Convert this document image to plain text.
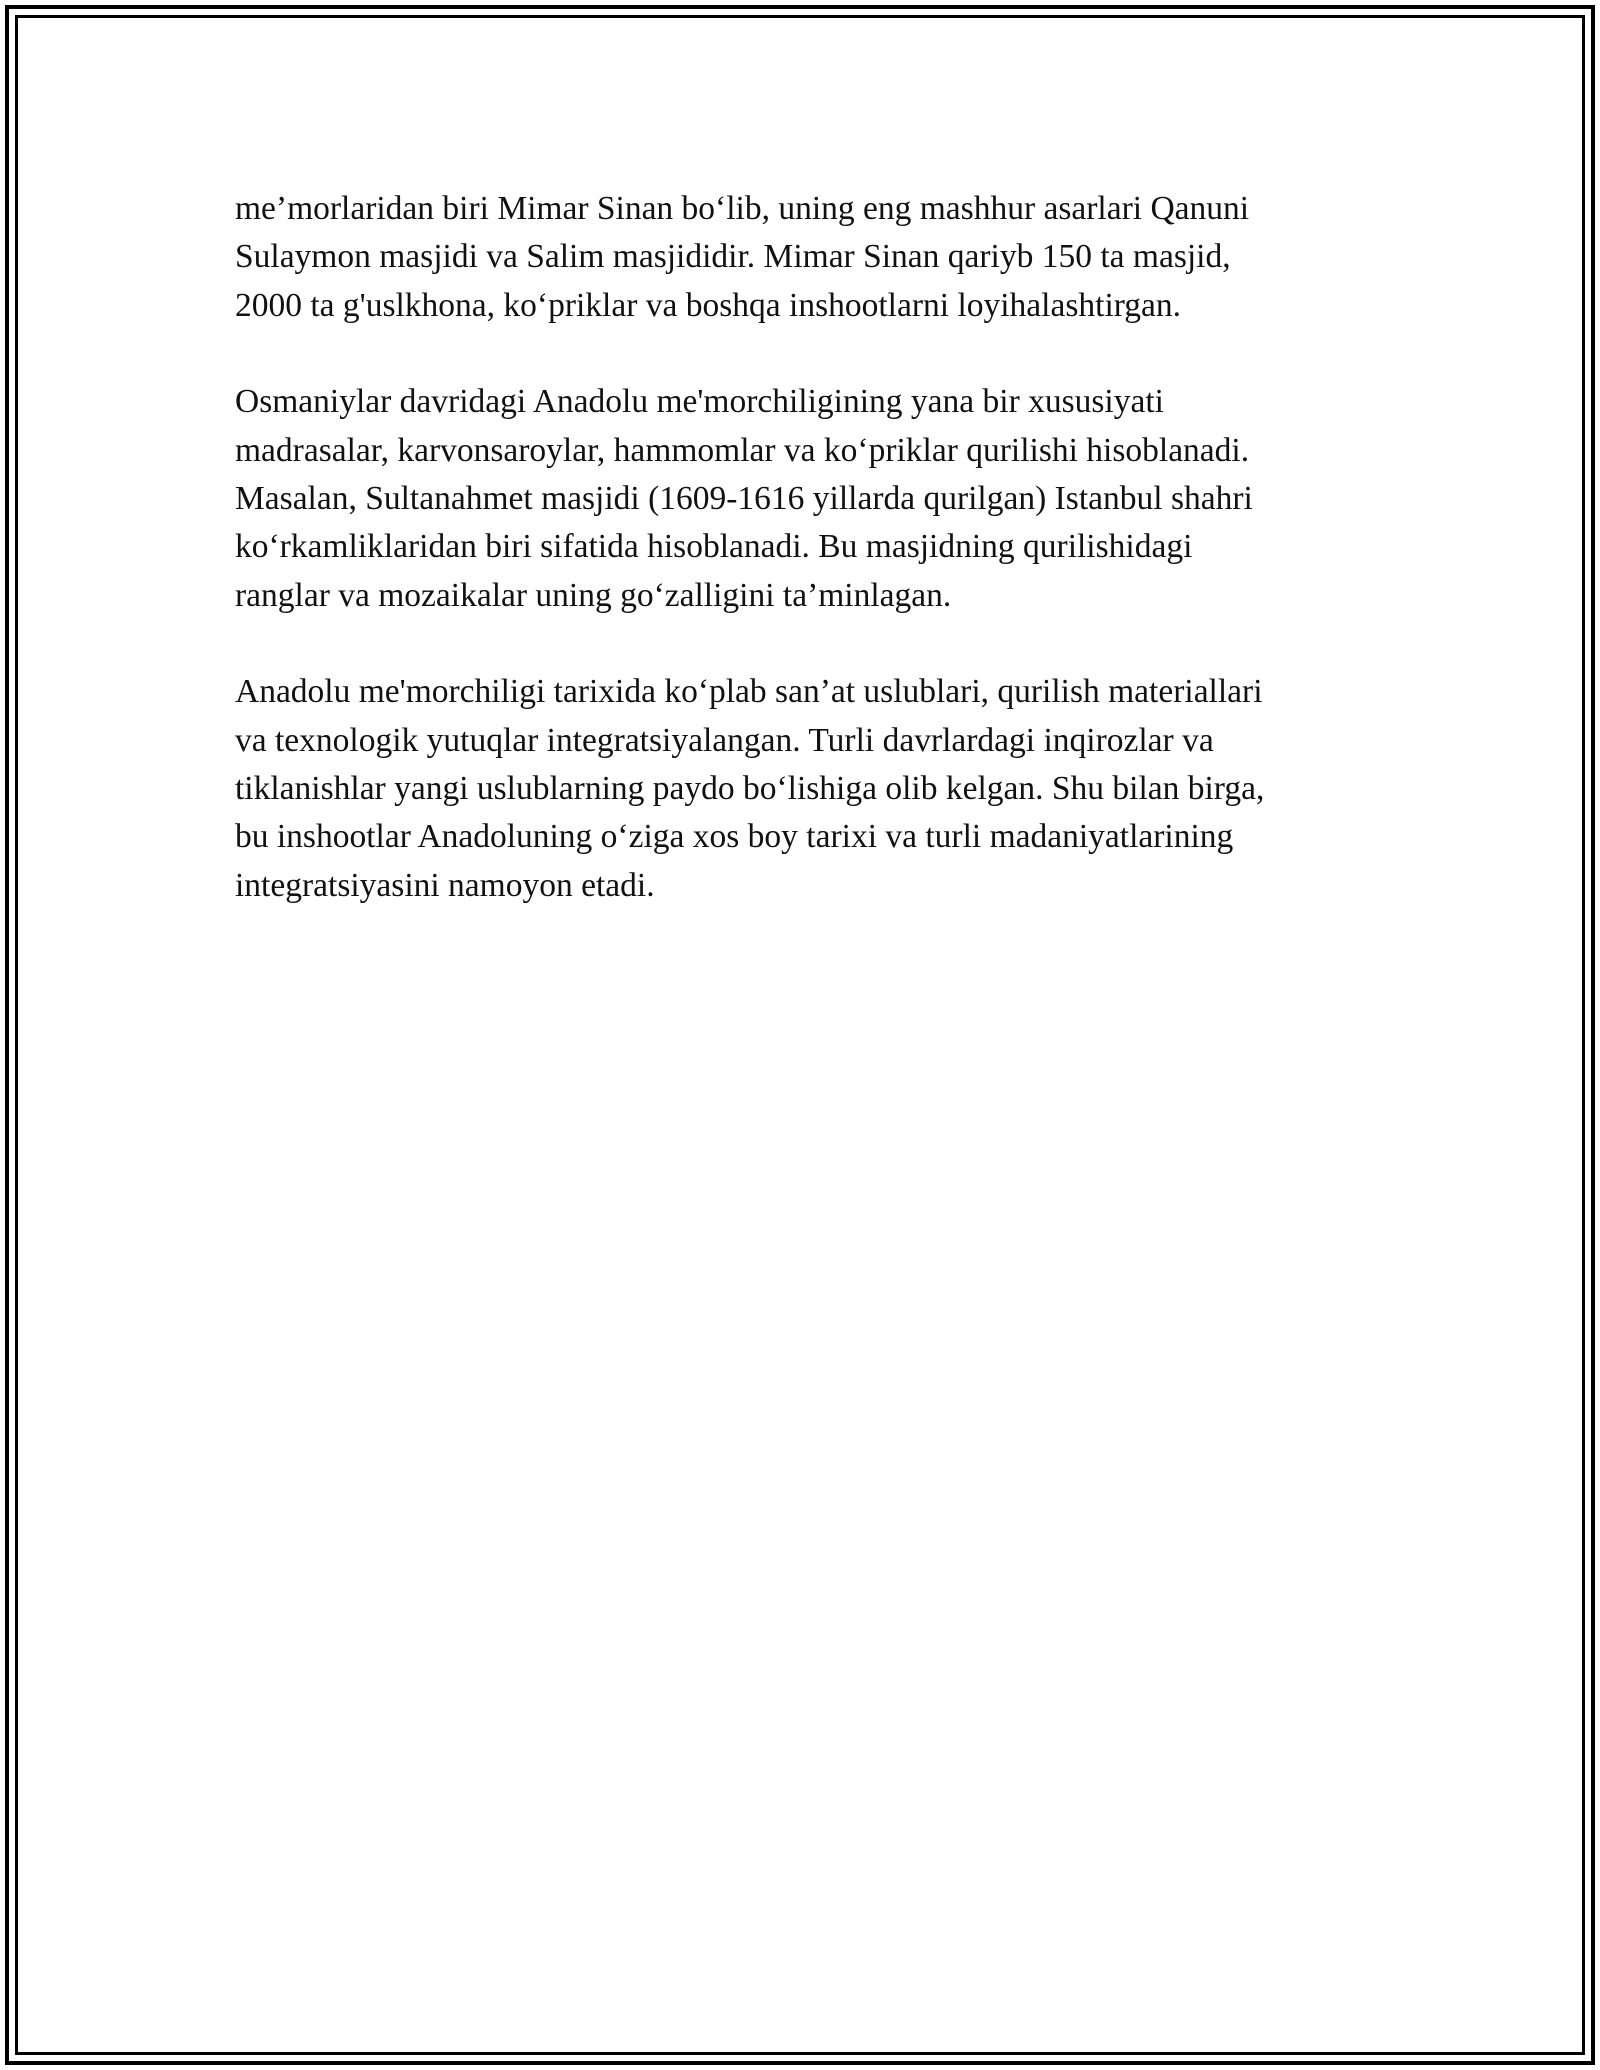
me’morlaridan biri Mimar Sinan bo‘lib, uning eng mashhur asarlari Qanuni
Sulaymon masjidi va Salim masjididir. Mimar Sinan qariyb 150 ta masjid,
2000 ta g'uslkhona, ko‘priklar va boshqa inshootlarni loyihalashtirgan.

Osmaniylar davridagi Anadolu me'morchiligining yana bir xususiyati
madrasalar, karvonsaroylar, hammomlar va ko‘priklar qurilishi hisoblanadi.
Masalan, Sultanahmet masjidi (1609-1616 yillarda qurilgan) Istanbul shahri
ko‘rkamliklaridan biri sifatida hisoblanadi. Bu masjidning qurilishidagi
ranglar va mozaikalar uning go‘zalligini ta’minlagan.

Anadolu me'morchiligi tarixida ko‘plab san’at uslublari, qurilish materiallari
va texnologik yutuqlar integratsiyalangan. Turli davrlardagi inqirozlar va
tiklanishlar yangi uslublarning paydo bo‘lishiga olib kelgan. Shu bilan birga,
bu inshootlar Anadoluning o‘ziga xos boy tarixi va turli madaniyatlarining
integratsiyasini namoyon etadi.
